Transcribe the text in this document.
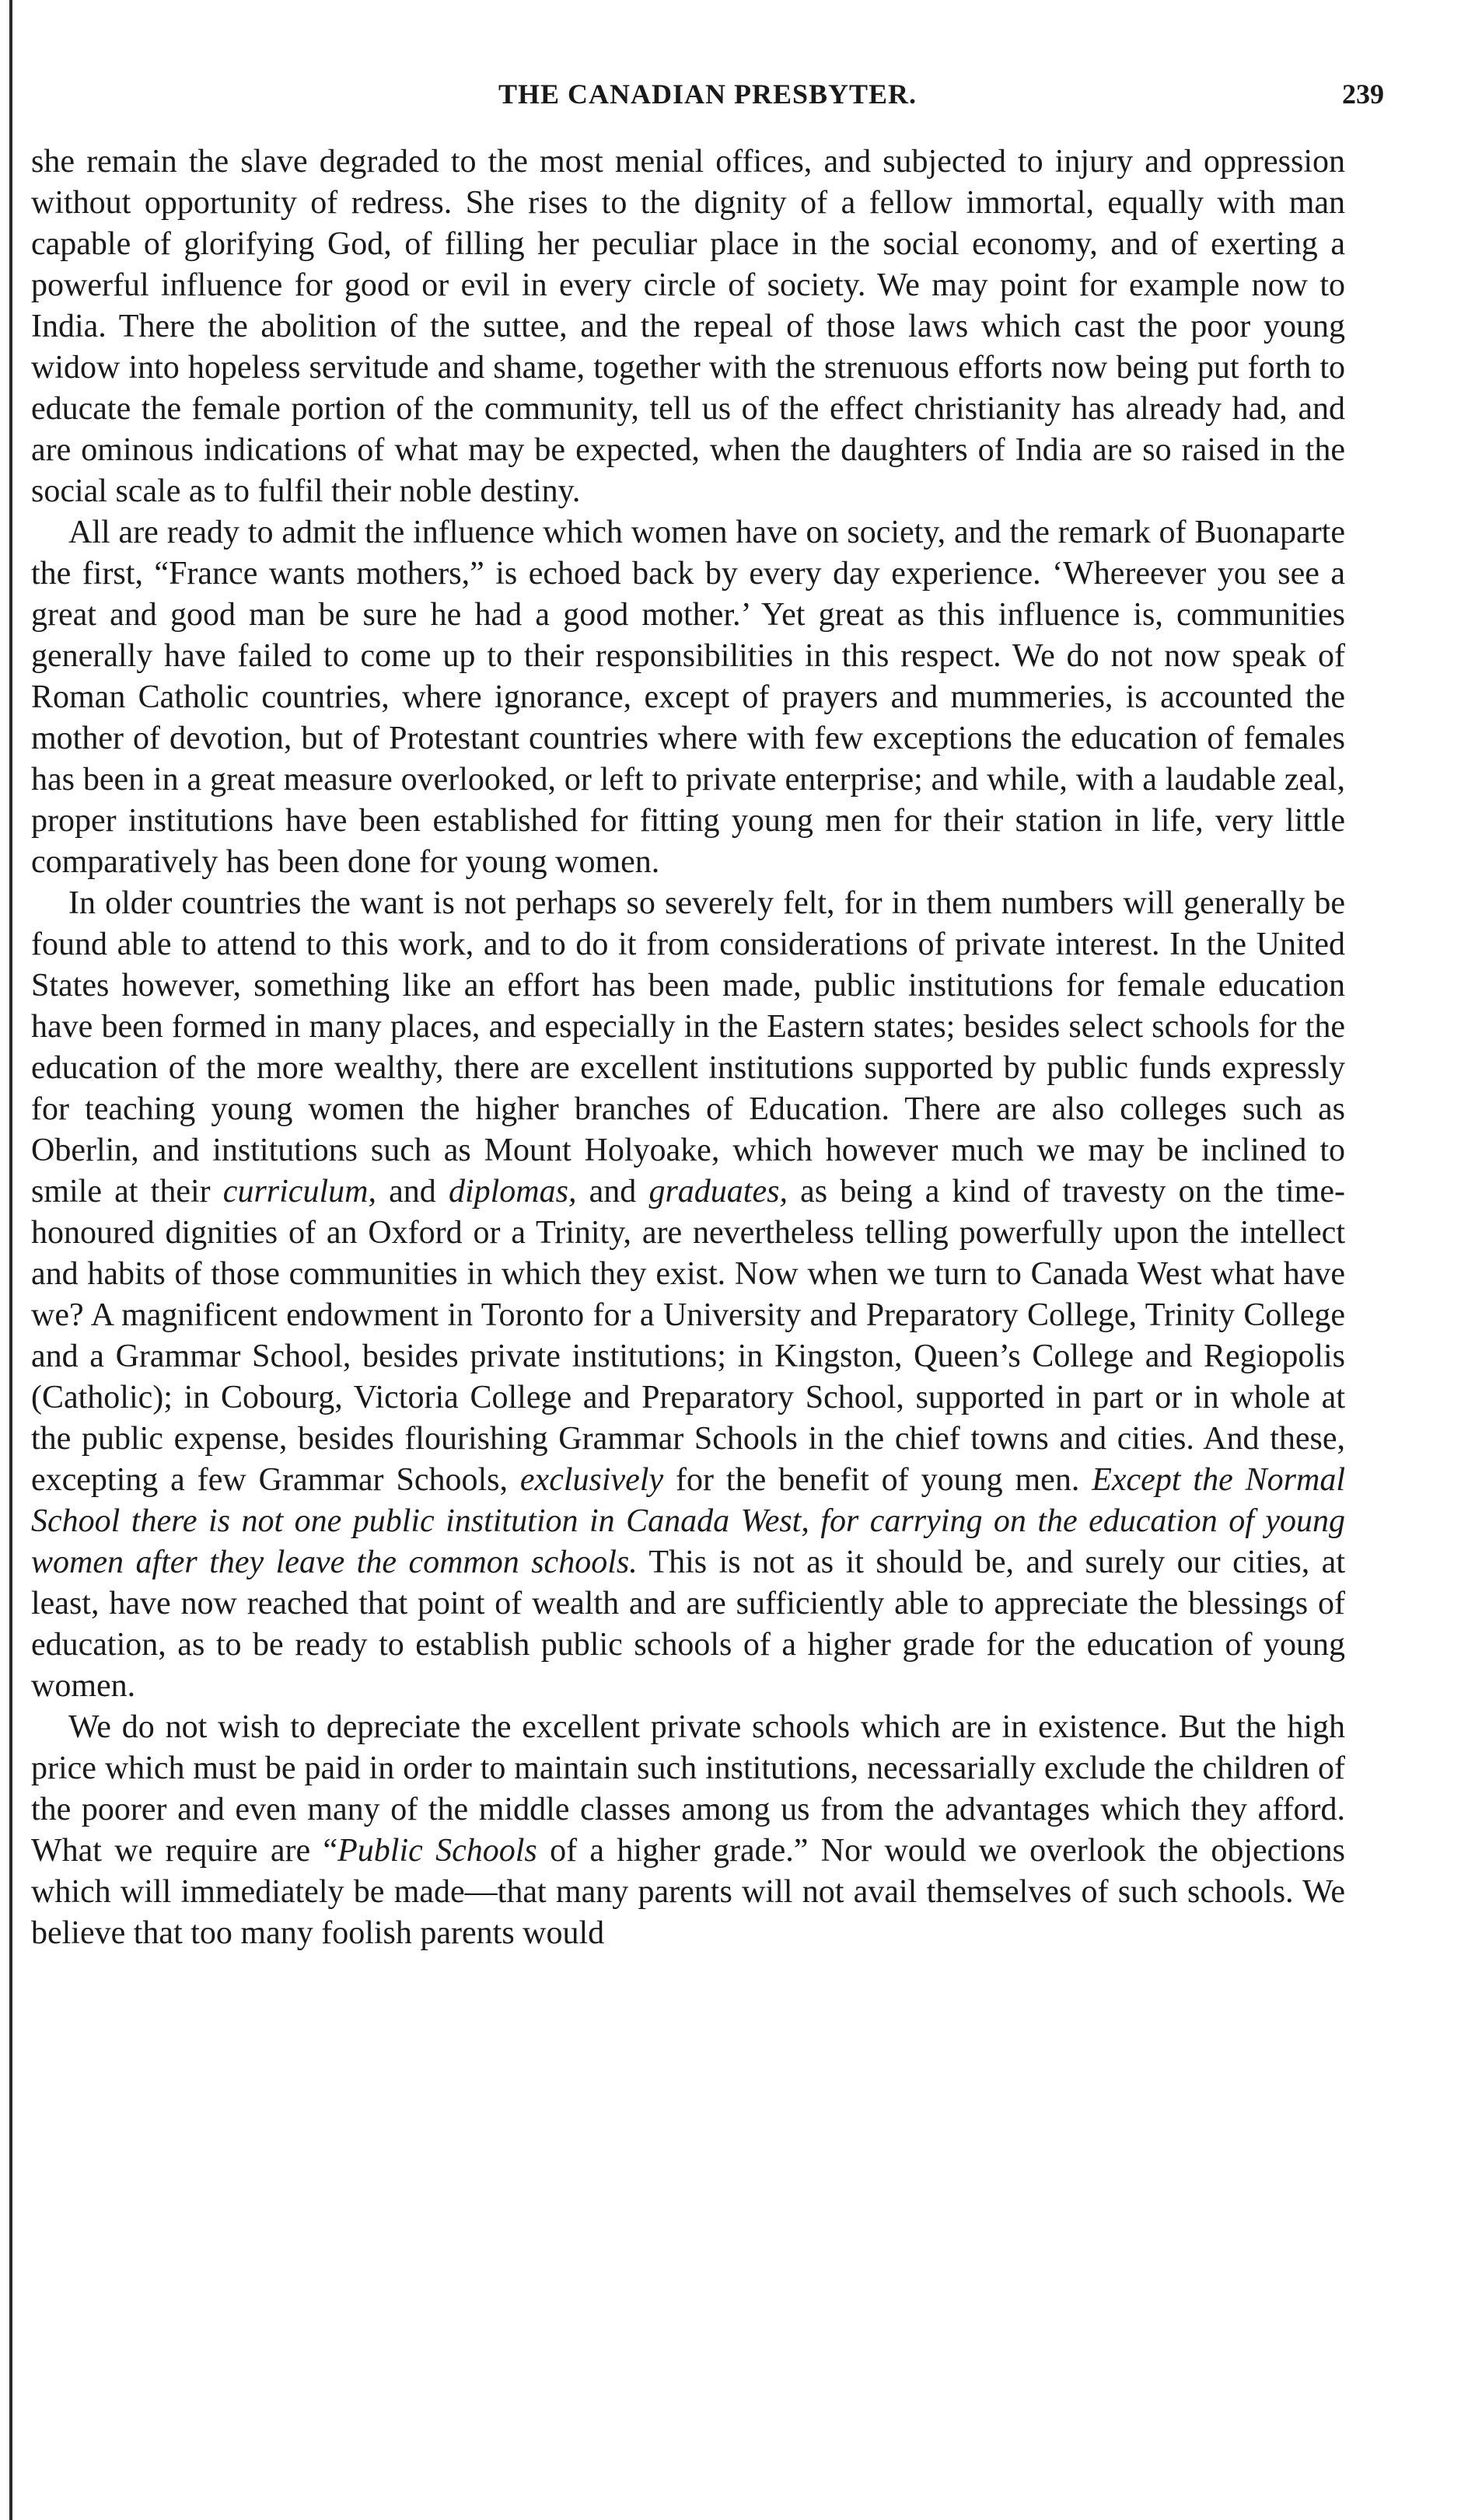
THE CANADIAN PRESBYTER.	239

she remain the slave degraded to the most menial offices, and subjected to injury and oppression without opportunity of redress. She rises to the dignity of a fellow immortal, equally with man capable of glorifying God, of filling her peculiar place in the social economy, and of exerting a powerful influence for good or evil in every circle of society. We may point for example now to India. There the abolition of the suttee, and the repeal of those laws which cast the poor young widow into hopeless servitude and shame, together with the strenuous efforts now being put forth to educate the female portion of the community, tell us of the effect christianity has already had, and are ominous indications of what may be expected, when the daughters of India are so raised in the social scale as to fulfil their noble destiny.

All are ready to admit the influence which women have on society, and the remark of Buonaparte the first, “France wants mothers,” is echoed back by every day experience. ‘Whereever you see a great and good man be sure he had a good mother.’ Yet great as this influence is, communities generally have failed to come up to their responsibilities in this respect. We do not now speak of Roman Catholic countries, where ignorance, except of prayers and mummeries, is accounted the mother of devotion, but of Protestant countries where with few exceptions the education of females has been in a great measure overlooked, or left to private enterprise; and while, with a laudable zeal, proper institutions have been established for fitting young men for their station in life, very little comparatively has been done for young women.

In older countries the want is not perhaps so severely felt, for in them numbers will generally be found able to attend to this work, and to do it from considerations of private interest. In the United States however, something like an effort has been made, public institutions for female education have been formed in many places, and especially in the Eastern states; besides select schools for the education of the more wealthy, there are excellent institutions supported by public funds expressly for teaching young women the higher branches of Education. There are also colleges such as Oberlin, and institutions such as Mount Holyoake, which however much we may be inclined to smile at their curriculum, and diplomas, and graduates, as being a kind of travesty on the time-honoured dignities of an Oxford or a Trinity, are nevertheless telling powerfully upon the intellect and habits of those communities in which they exist. Now when we turn to Canada West what have we? A magnificent endowment in Toronto for a University and Preparatory College, Trinity College and a Grammar School, besides private institutions; in Kingston, Queen’s College and Regiopolis (Catholic); in Cobourg, Victoria College and Preparatory School, supported in part or in whole at the public expense, besides flourishing Grammar Schools in the chief towns and cities. And these, excepting a few Grammar Schools, exclusively for the benefit of young men. Except the Normal School there is not one public institution in Canada West, for carrying on the education of young women after they leave the common schools. This is not as it should be, and surely our cities, at least, have now reached that point of wealth and are sufficiently able to appreciate the blessings of education, as to be ready to establish public schools of a higher grade for the education of young women.

We do not wish to depreciate the excellent private schools which are in existence. But the high price which must be paid in order to maintain such institutions, necessarially exclude the children of the poorer and even many of the middle classes among us from the advantages which they afford. What we require are “Public Schools of a higher grade.” Nor would we overlook the objections which will immediately be made—that many parents will not avail themselves of such schools. We believe that too many foolish parents would
